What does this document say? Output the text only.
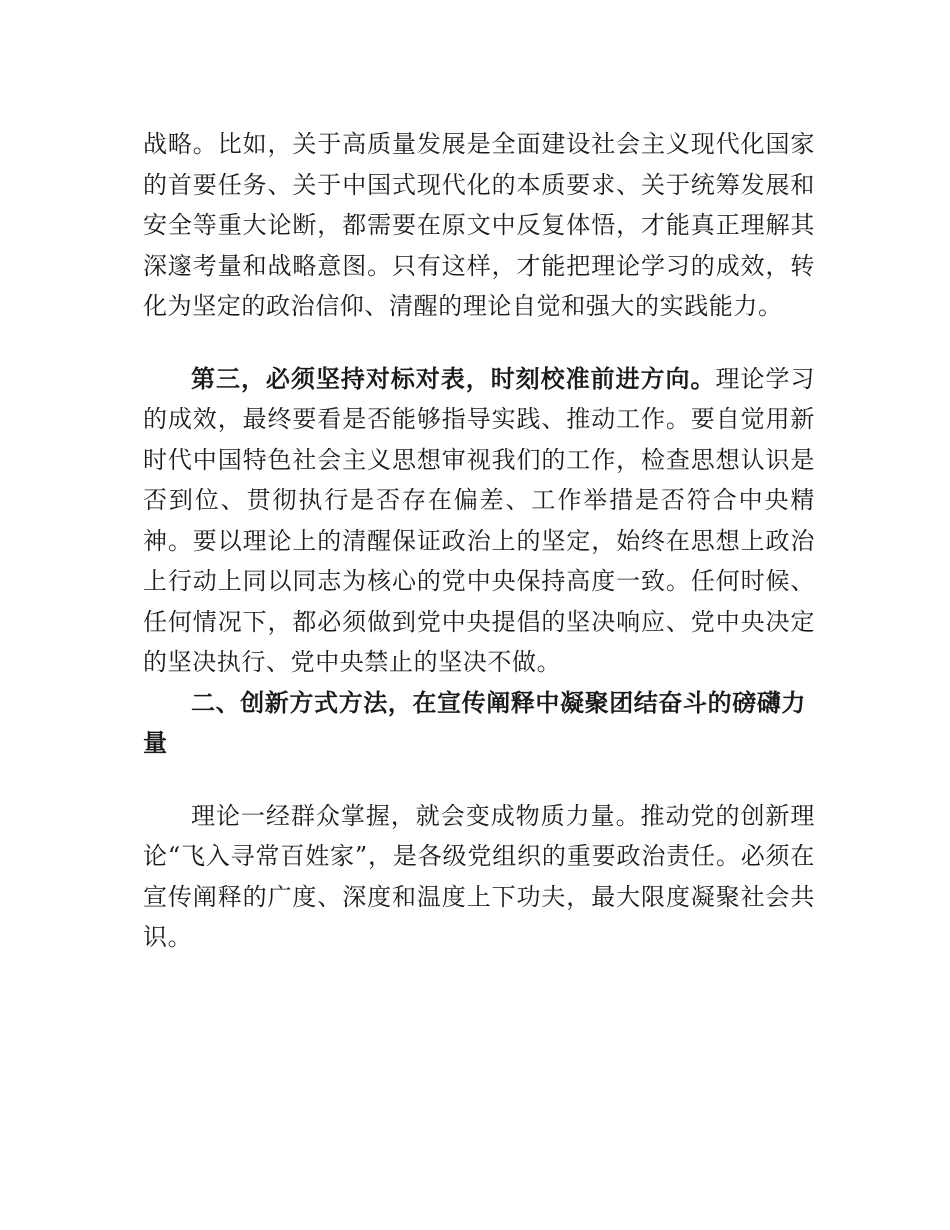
战略。比如，关于高质量发展是全面建设社会主义现代化国家的首要任务、关于中国式现代化的本质要求、关于统筹发展和安全等重大论断，都需要在原文中反复体悟，才能真正理解其深邃考量和战略意图。只有这样，才能把理论学习的成效，转化为坚定的政治信仰、清醒的理论自觉和强大的实践能力。

第三，必须坚持对标对表，时刻校准前进方向。理论学习的成效，最终要看是否能够指导实践、推动工作。要自觉用新时代中国特色社会主义思想审视我们的工作，检查思想认识是否到位、贯彻执行是否存在偏差、工作举措是否符合中央精神。要以理论上的清醒保证政治上的坚定，始终在思想上政治上行动上同以同志为核心的党中央保持高度一致。任何时候、任何情况下，都必须做到党中央提倡的坚决响应、党中央决定的坚决执行、党中央禁止的坚决不做。

二、创新方式方法，在宣传阐释中凝聚团结奋斗的磅礴力量

理论一经群众掌握，就会变成物质力量。推动党的创新理论“飞入寻常百姓家”，是各级党组织的重要政治责任。必须在宣传阐释的广度、深度和温度上下功夫，最大限度凝聚社会共识。
